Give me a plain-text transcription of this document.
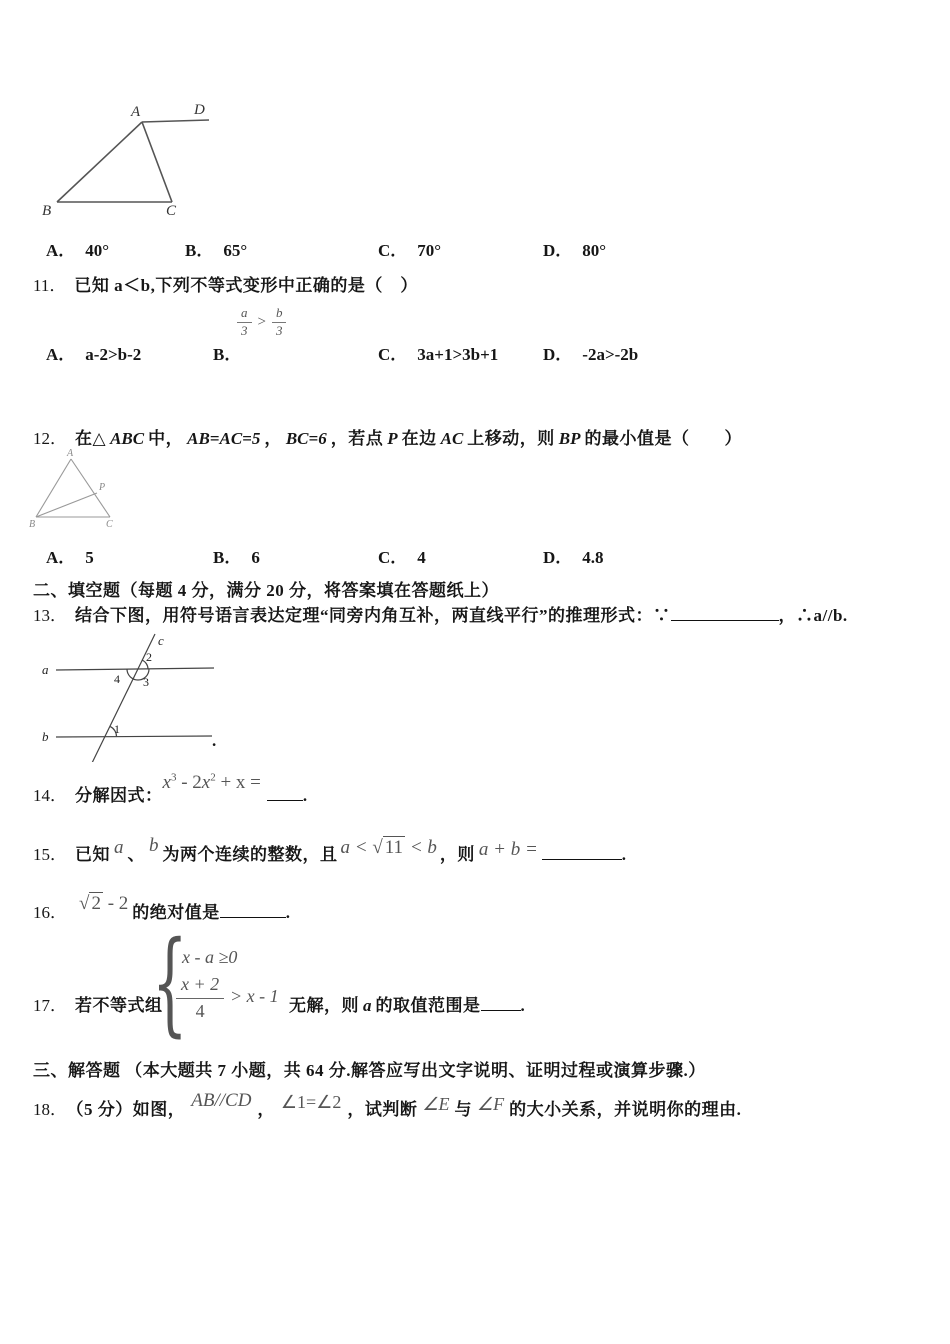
A	D
B	C
A． 40°	B． 65°	C． 70°	D． 80°
11． 已知 a＜b,下列不等式变形中正确的是（　）
$\frac{a}{3} > \frac{b}{3}$
A． a-2>b-2	B．	C． 3a+1>3b+1	D． -2a>-2b
12． 在△ ABC 中， AB=AC=5 ， BC=6 ，若点 P 在边 AC 上移动，则 BP 的最小值是（　　）
A
B	C
P
A． 5	B． 6	C． 4	D． 4.8
二、填空题（每题 4 分，满分 20 分，将答案填在答题纸上）
13． 结合下图，用符号语言表达定理“同旁内角互补，两直线平行”的推理形式：∵	，∴a//b.
a
b
c
2
4 3
1
.
14． 分解因式：$x^3 - 2x^2 + x$ =.
15． 已知 a 、 b 为两个连续的整数，且 a < √ 11 < b ，则 a + b =	.
16． √ 2 - 2 的绝对值是	.
{
x - a ≥0
$\frac{x + 2}{4} > x - 1$
17． 若不等式组	无解，则 a 的取值范围是 .
三、解答题 （本大题共 7 小题，共 64 分.解答应写出文字说明、证明过程或演算步骤.）
18． （5 分）如图， AB//CD ， ∠1=∠2 ，试判断 ∠E 与 ∠F 的大小关系，并说明你的理由.
